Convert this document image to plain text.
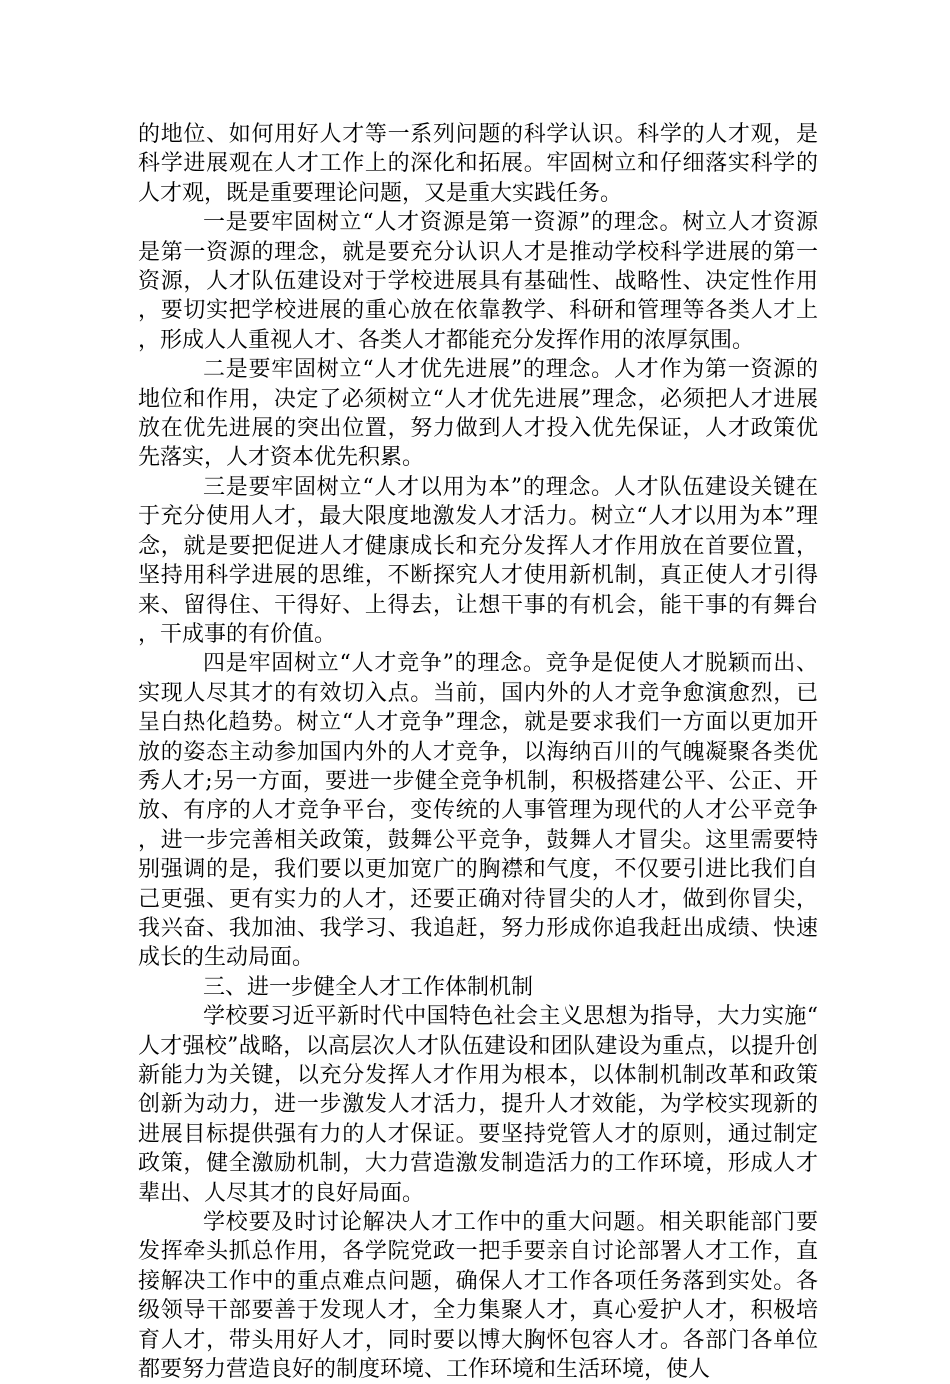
的地位、如何用好人才等一系列问题的科学认识。科学的人才观，是科学进展观在人才工作上的深化和拓展。牢固树立和仔细落实科学的人才观，既是重要理论问题，又是重大实践任务。

一是要牢固树立“人才资源是第一资源”的理念。树立人才资源是第一资源的理念，就是要充分认识人才是推动学校科学进展的第一资源，人才队伍建设对于学校进展具有基础性、战略性、决定性作用，要切实把学校进展的重心放在依靠教学、科研和管理等各类人才上，形成人人重视人才、各类人才都能充分发挥作用的浓厚氛围。

二是要牢固树立“人才优先进展”的理念。人才作为第一资源的地位和作用，决定了必须树立“人才优先进展”理念，必须把人才进展放在优先进展的突出位置，努力做到人才投入优先保证，人才政策优先落实，人才资本优先积累。

三是要牢固树立“人才以用为本”的理念。人才队伍建设关键在于充分使用人才，最大限度地激发人才活力。树立“人才以用为本”理念，就是要把促进人才健康成长和充分发挥人才作用放在首要位置，坚持用科学进展的思维，不断探究人才使用新机制，真正使人才引得来、留得住、干得好、上得去，让想干事的有机会，能干事的有舞台，干成事的有价值。

四是牢固树立“人才竞争”的理念。竞争是促使人才脱颖而出、实现人尽其才的有效切入点。当前，国内外的人才竞争愈演愈烈，已呈白热化趋势。树立“人才竞争”理念，就是要求我们一方面以更加开放的姿态主动参加国内外的人才竞争，以海纳百川的气魄凝聚各类优秀人才;另一方面，要进一步健全竞争机制，积极搭建公平、公正、开放、有序的人才竞争平台，变传统的人事管理为现代的人才公平竞争，进一步完善相关政策，鼓舞公平竞争，鼓舞人才冒尖。这里需要特别强调的是，我们要以更加宽广的胸襟和气度，不仅要引进比我们自己更强、更有实力的人才，还要正确对待冒尖的人才，做到你冒尖，我兴奋、我加油、我学习、我追赶，努力形成你追我赶出成绩、快速成长的生动局面。

三、进一步健全人才工作体制机制

学校要习近平新时代中国特色社会主义思想为指导，大力实施“人才强校”战略，以高层次人才队伍建设和团队建设为重点，以提升创新能力为关键，以充分发挥人才作用为根本，以体制机制改革和政策创新为动力，进一步激发人才活力，提升人才效能，为学校实现新的进展目标提供强有力的人才保证。要坚持党管人才的原则，通过制定政策，健全激励机制，大力营造激发制造活力的工作环境，形成人才辈出、人尽其才的良好局面。

学校要及时讨论解决人才工作中的重大问题。相关职能部门要发挥牵头抓总作用，各学院党政一把手要亲自讨论部署人才工作，直接解决工作中的重点难点问题，确保人才工作各项任务落到实处。各级领导干部要善于发现人才，全力集聚人才，真心爱护人才，积极培育人才，带头用好人才，同时要以博大胸怀包容人才。各部门各单位都要努力营造良好的制度环境、工作环境和生活环境，使人
